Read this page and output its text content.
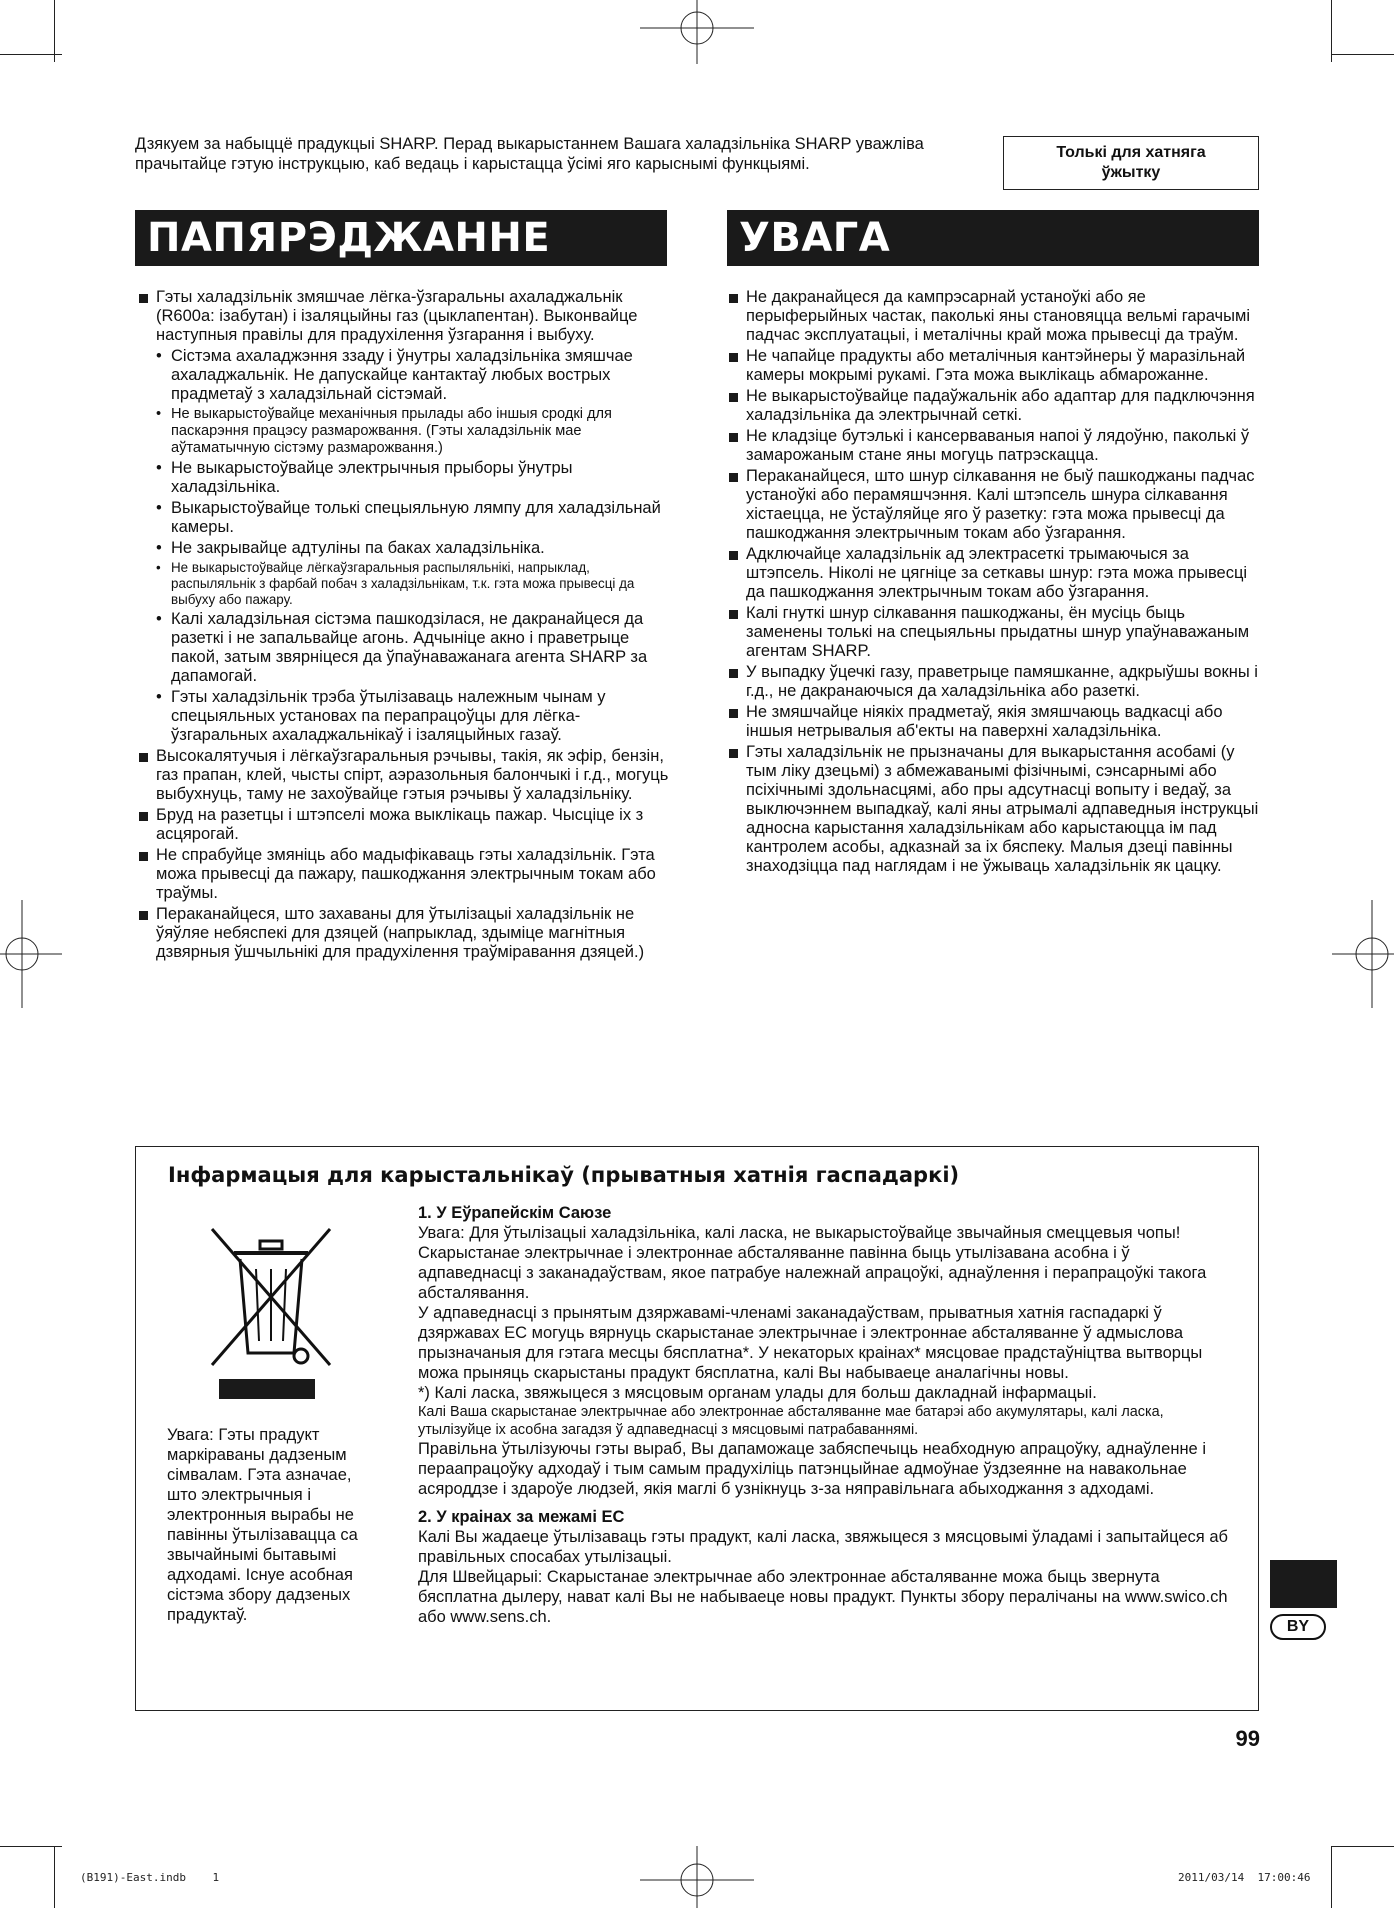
Дзякуем за набыццё прадукцыі SHARP. Перад выкарыстаннем Вашага халадзільніка SHARP уважліва прачытайце гэтую інструкцыю, каб ведаць і карыстацца ўсімі яго карыснымі функцыямі.
Толькі для хатняга ўжытку
ПАПЯРЭДЖАННЕ
Гэты халадзільнік змяшчае лёгка-ўзгаральны ахаладжальнік (R600a: ізабутан) і ізаляцыйны газ (цыклапентан). Выконвайце наступныя правілы для прадухілення ўзгарання і выбуху.
• Сістэма ахаладжэння ззаду і ўнутры халадзільніка змяшчае ахаладжальнік. Не дапускайце кантактаў любых вострых прадметаў з халадзільнай сістэмай.
• Не выкарыстоўвайце механічныя прылады або іншыя сродкі для паскарэння працэсу размарожвання. (Гэты халадзільнік мае аўтаматычную сістэму размарожвання.)
• Не выкарыстоўвайце электрычныя прыборы ўнутры халадзільніка.
• Выкарыстоўвайце толькі спецыяльную лямпу для халадзільнай камеры.
• Не закрывайце адтуліны па баках халадзільніка.
• Не выкарыстоўвайце лёгкаўзгаральныя распыляльнікі, напрыклад, распыляльнік з фарбай побач з халадзільнікам, т.к. гэта можа прывесці да выбуху або пажару.
• Калі халадзільная сістэма пашкодзілася, не дакранайцеся да разеткі і не запальвайце агонь. Адчыніце акно і праветрыце пакой, затым звярніцеся да ўпаўнаважанага агента SHARP за дапамогай.
• Гэты халадзільнік трэба ўтылізаваць належным чынам у спецыяльных установах па перапрацоўцы для лёгка-ўзгаральных ахаладжальнікаў і ізаляцыйных газаў.
Высокалятучыя і лёгкаўзгаральныя рэчывы, такія, як эфір, бензін, газ прапан, клей, чысты спірт, аэразольныя балончыкі і г.д., могуць выбухнуць, таму не захоўвайце гэтыя рэчывы ў халадзільніку.
Бруд на разетцы і штэпселі можа выклікаць пажар. Чысціце іх з асцярогай.
Не спрабуйце змяніць або мадыфікаваць гэты халадзільнік. Гэта можа прывесці да пажару, пашкоджання электрычным токам або траўмы.
Пераканайцеся, што захаваны для ўтылізацыі халадзільнік не ўяўляе небяспекі для дзяцей (напрыклад, здыміце магнітныя дзвярныя ўшчыльнікі для прадухілення траўміравання дзяцей.)
УВАГА
Не дакранайцеся да кампрэсарнай устаноўкі або яе перыферыйных частак, паколькі яны становяцца вельмі гарачымі падчас эксплуатацыі, і металічны край можа прывесці да траўм.
Не чапайце прадукты або металічныя кантэйнеры ў маразільнай камеры мокрымі рукамі. Гэта можа выклікаць абмарожанне.
Не выкарыстоўвайце падаўжальнік або адаптар для падключэння халадзільніка да электрычнай сеткі.
Не кладзіце бутэлькі і кансерваваныя напоі ў лядоўню, паколькі ў замарожаным стане яны могуць патрэскацца.
Пераканайцеся, што шнур сілкавання не быў пашкоджаны падчас устаноўкі або перамяшчэння. Калі штэпсель шнура сілкавання хістаецца, не ўстаўляйце яго ў разетку: гэта можа прывесці да пашкоджання электрычным токам або ўзгарання.
Адключайце халадзільнік ад электрасеткі трымаючыся за штэпсель. Ніколі не цягніце за сеткавы шнур: гэта можа прывесці да пашкоджання электрычным токам або ўзгарання.
Калі гнуткі шнур сілкавання пашкоджаны, ён мусіць быць заменены толькі на спецыяльны прыдатны шнур упаўнаважаным агентам SHARP.
У выпадку ўцечкі газу, праветрыце памяшканне, адкрыўшы вокны і г.д., не дакранаючыся да халадзільніка або разеткі.
Не змяшчайце ніякіх прадметаў, якія змяшчаюць вадкасці або іншыя нетрывалыя аб'екты на паверхні халадзільніка.
Гэты халадзільнік не прызначаны для выкарыстання асобамі (у тым ліку дзецьмі) з абмежаванымі фізічнымі, сэнсарнымі або псіхічнымі здольнасцямі, або пры адсутнасці вопыту і ведаў, за выключэннем выпадкаў, калі яны атрымалі адпаведныя інструкцыі адносна карыстання халадзільнікам або карыстаюцца ім пад кантролем асобы, адказнай за іх бяспеку. Малыя дзеці павінны знаходзіцца пад наглядам і не ўжываць халадзільнік як цацку.
Інфармацыя для карыстальнікаў (прыватныя хатнія гаспадаркі)
Увага: Гэты прадукт маркіраваны дадзеным сімвалам. Гэта азначае, што электрычныя і электронныя вырабы не павінны ўтылізавацца са звычайнымі бытавымі адходамі. Існуе асобная сістэма збору дадзеных прадуктаў.
1. У Еўрапейскім Саюзе

Увага: Для ўтылізацыі халадзільніка, калі ласка, не выкарыстоўвайце звычайныя смеццевыя чопы!

Скарыстанае электрычнае і электроннае абсталяванне павінна быць утылізавана асобна і ў адпаведнасці з заканадаўствам, якое патрабуе належнай апрацоўкі, аднаўлення і перапрацоўкі такога абсталявання.

У адпаведнасці з прынятым дзяржавамі-членамі заканадаўствам, прыватныя хатнія гаспадаркі ў дзяржавах ЕС могуць вярнуць скарыстанае электрычнае і электроннае абсталяванне ў адмыслова прызначаныя для гэтага месцы бясплатна*. У некаторых краінах* мясцовае прадстаўніцтва вытворцы можа прыняць скарыстаны прадукт бясплатна, калі Вы набываеце аналагічны новы.

*) Калі ласка, звяжыцеся з мясцовым органам улады для больш дакладнай інфармацыі.

Калі Ваша скарыстанае электрычнае або электроннае абсталяванне мае батарэі або акумулятары, калі ласка, утылізуйце іх асобна загадзя ў адпаведнасці з мясцовымі патрабаваннямі.

Правільна ўтылізуючы гэты выраб, Вы дапаможаце забяспечыць неабходную апрацоўку, аднаўленне і пераапрацоўку адходаў і тым самым прадухіліць патэнцыйнае адмоўнае ўздзеянне на навакольнае асяроддзе і здароўе людзей, якія маглі б узнікнуць з-за няправільнага абыходжання з адходамі.

2. У краінах за межамі ЕС

Калі Вы жадаеце ўтылізаваць гэты прадукт, калі ласка, звяжыцеся з мясцовымі ўладамі і запытайцеся аб правільных спосабах утылізацыі.

Для Швейцарыі: Скарыстанае электрычнае або электроннае абсталяванне можа быць звернута бясплатна дылеру, нават калі Вы не набываеце новы прадукт. Пункты збору пералічаны на www.swico.ch або www.sens.ch.

BY
99
(B191)-East.indb 1	2011/03/14 17:00:46
